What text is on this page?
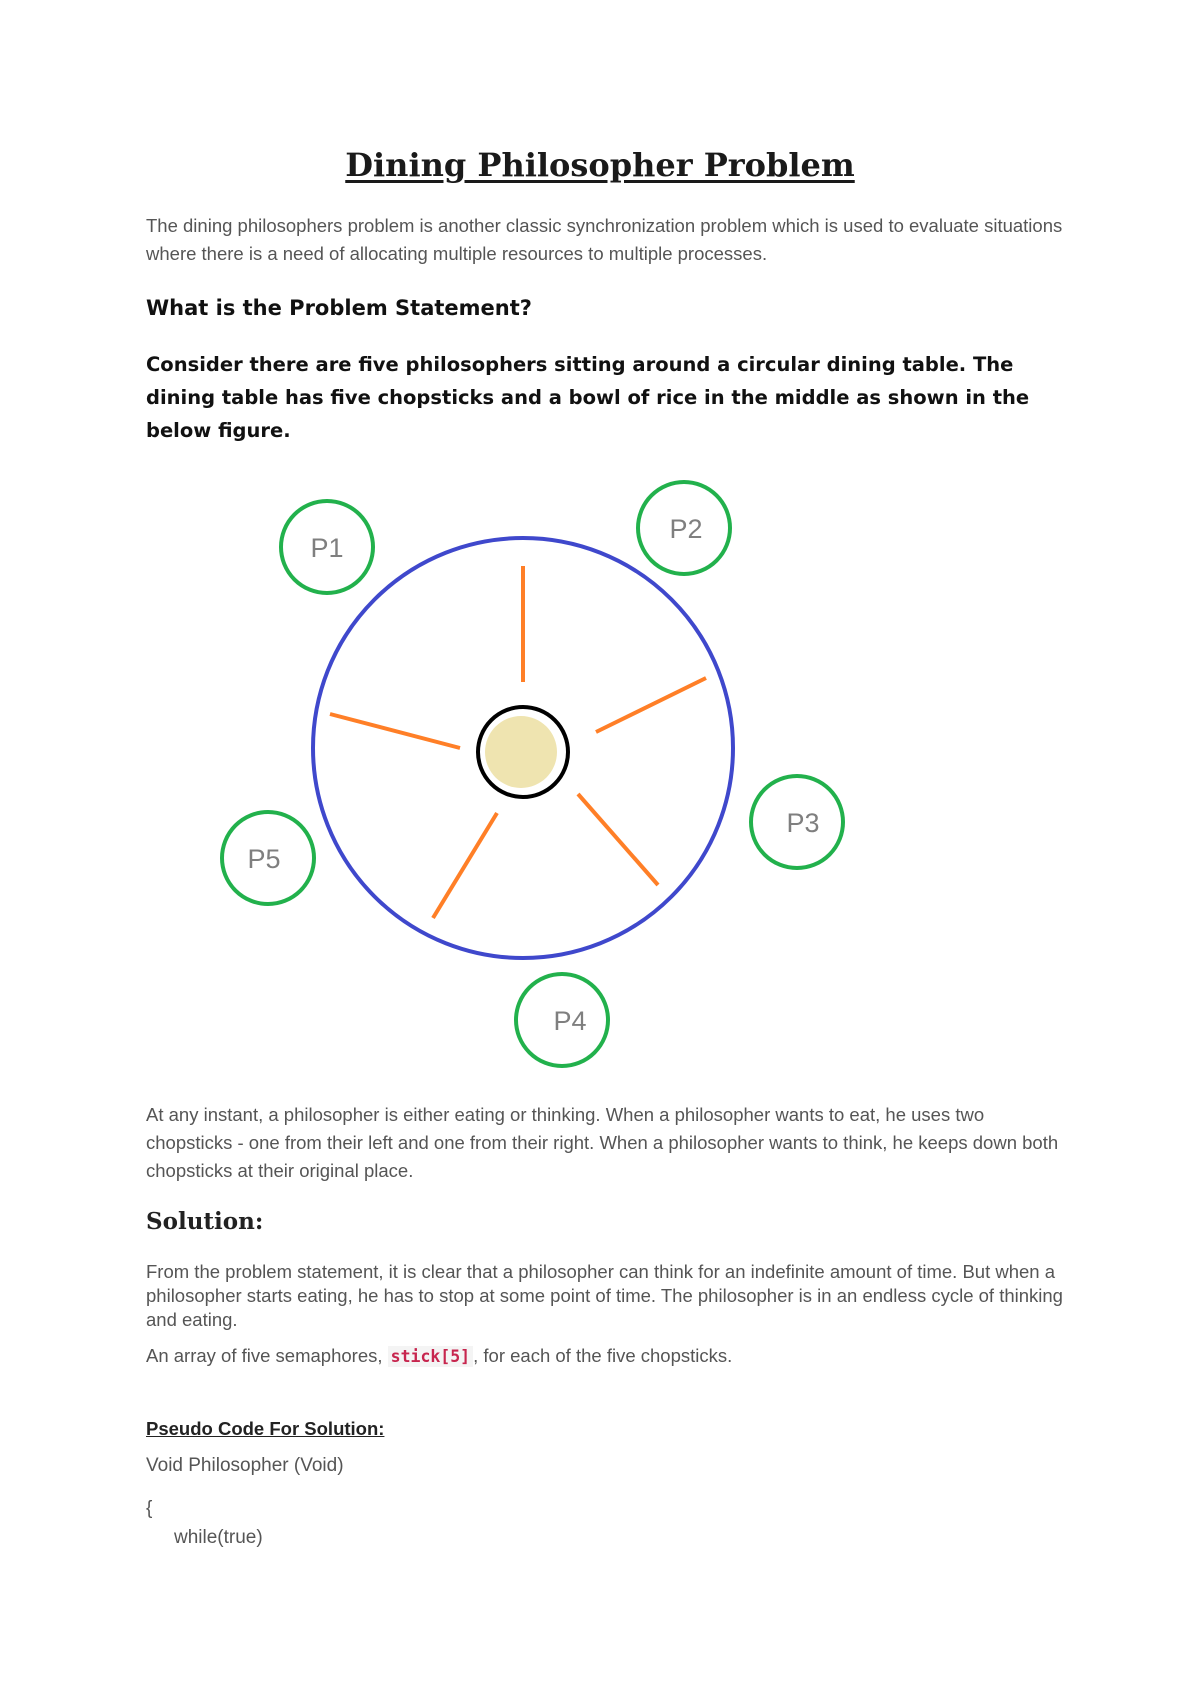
Dining Philosopher Problem
The dining philosophers problem is another classic synchronization problem which is used to evaluate situations where there is a need of allocating multiple resources to multiple processes.
What is the Problem Statement?
Consider there are five philosophers sitting around a circular dining table. The dining table has five chopsticks and a bowl of rice in the middle as shown in the below figure.
P1
P2
P3
P4
P5
At any instant, a philosopher is either eating or thinking. When a philosopher wants to eat, he uses two chopsticks - one from their left and one from their right. When a philosopher wants to think, he keeps down both chopsticks at their original place.
Solution:
From the problem statement, it is clear that a philosopher can think for an indefinite amount of time. But when a philosopher starts eating, he has to stop at some point of time. The philosopher is in an endless cycle of thinking and eating.
An array of five semaphores, stick[5] , for each of the five chopsticks.
Pseudo Code For Solution:
Void Philosopher (Void)
{
while(true)
